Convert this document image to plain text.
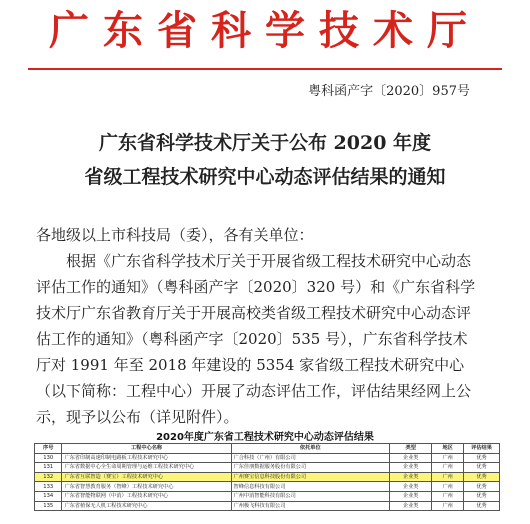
广东省科学技术厅
粤科函产字〔2020〕957号
广东省科学技术厅关于公布 2020 年度
省级工程技术研究中心动态评估结果的通知
各地级以上市科技局（委），各有关单位：
根据《广东省科学技术厅关于开展省级工程技术研究中心动态评估工作的通知》（粤科函产字〔2020〕320 号）和《广东省科学技术厅广东省教育厅关于开展高校类省级工程技术研究中心动态评估工作的通知》（粤科函产字〔2020〕535 号），广东省科学技术厅对 1991 年至 2018 年建设的 5354 家省级工程技术研究中心（以下简称：工程中心）开展了动态评估工作，评估结果经网上公示，现予以公布（详见附件）。
2020年度广东省工程技术研究中心动态评估结果
序号	工程中心名称	依托单位	类型	地区	评估结果
130	广东省印制高速印制电路板工程技术研究中心	广合科技（广州）有限公司	企业类	广州	优秀
131	广东省数据中心全生命周期管理与运维工程技术研究中心	广东佳朋数据服务股份有限公司	企业类	广州	优秀
132	广东省互联智造（赛宝）工程技术研究中心	广州赛宝信息科技股份有限公司	企业类	广州	优秀
133	广东省智慧教育服务（智峰）工程技术研究中心	智峰信息科技有限公司	企业类	广州	优秀
134	广东省智能物联网（中消）工程技术研究中心	广州中消智能科技有限公司	企业类	广州	优秀
135	广东省植保无人机工程技术研究中心	广州极飞科技有限公司	企业类	广州	优秀
